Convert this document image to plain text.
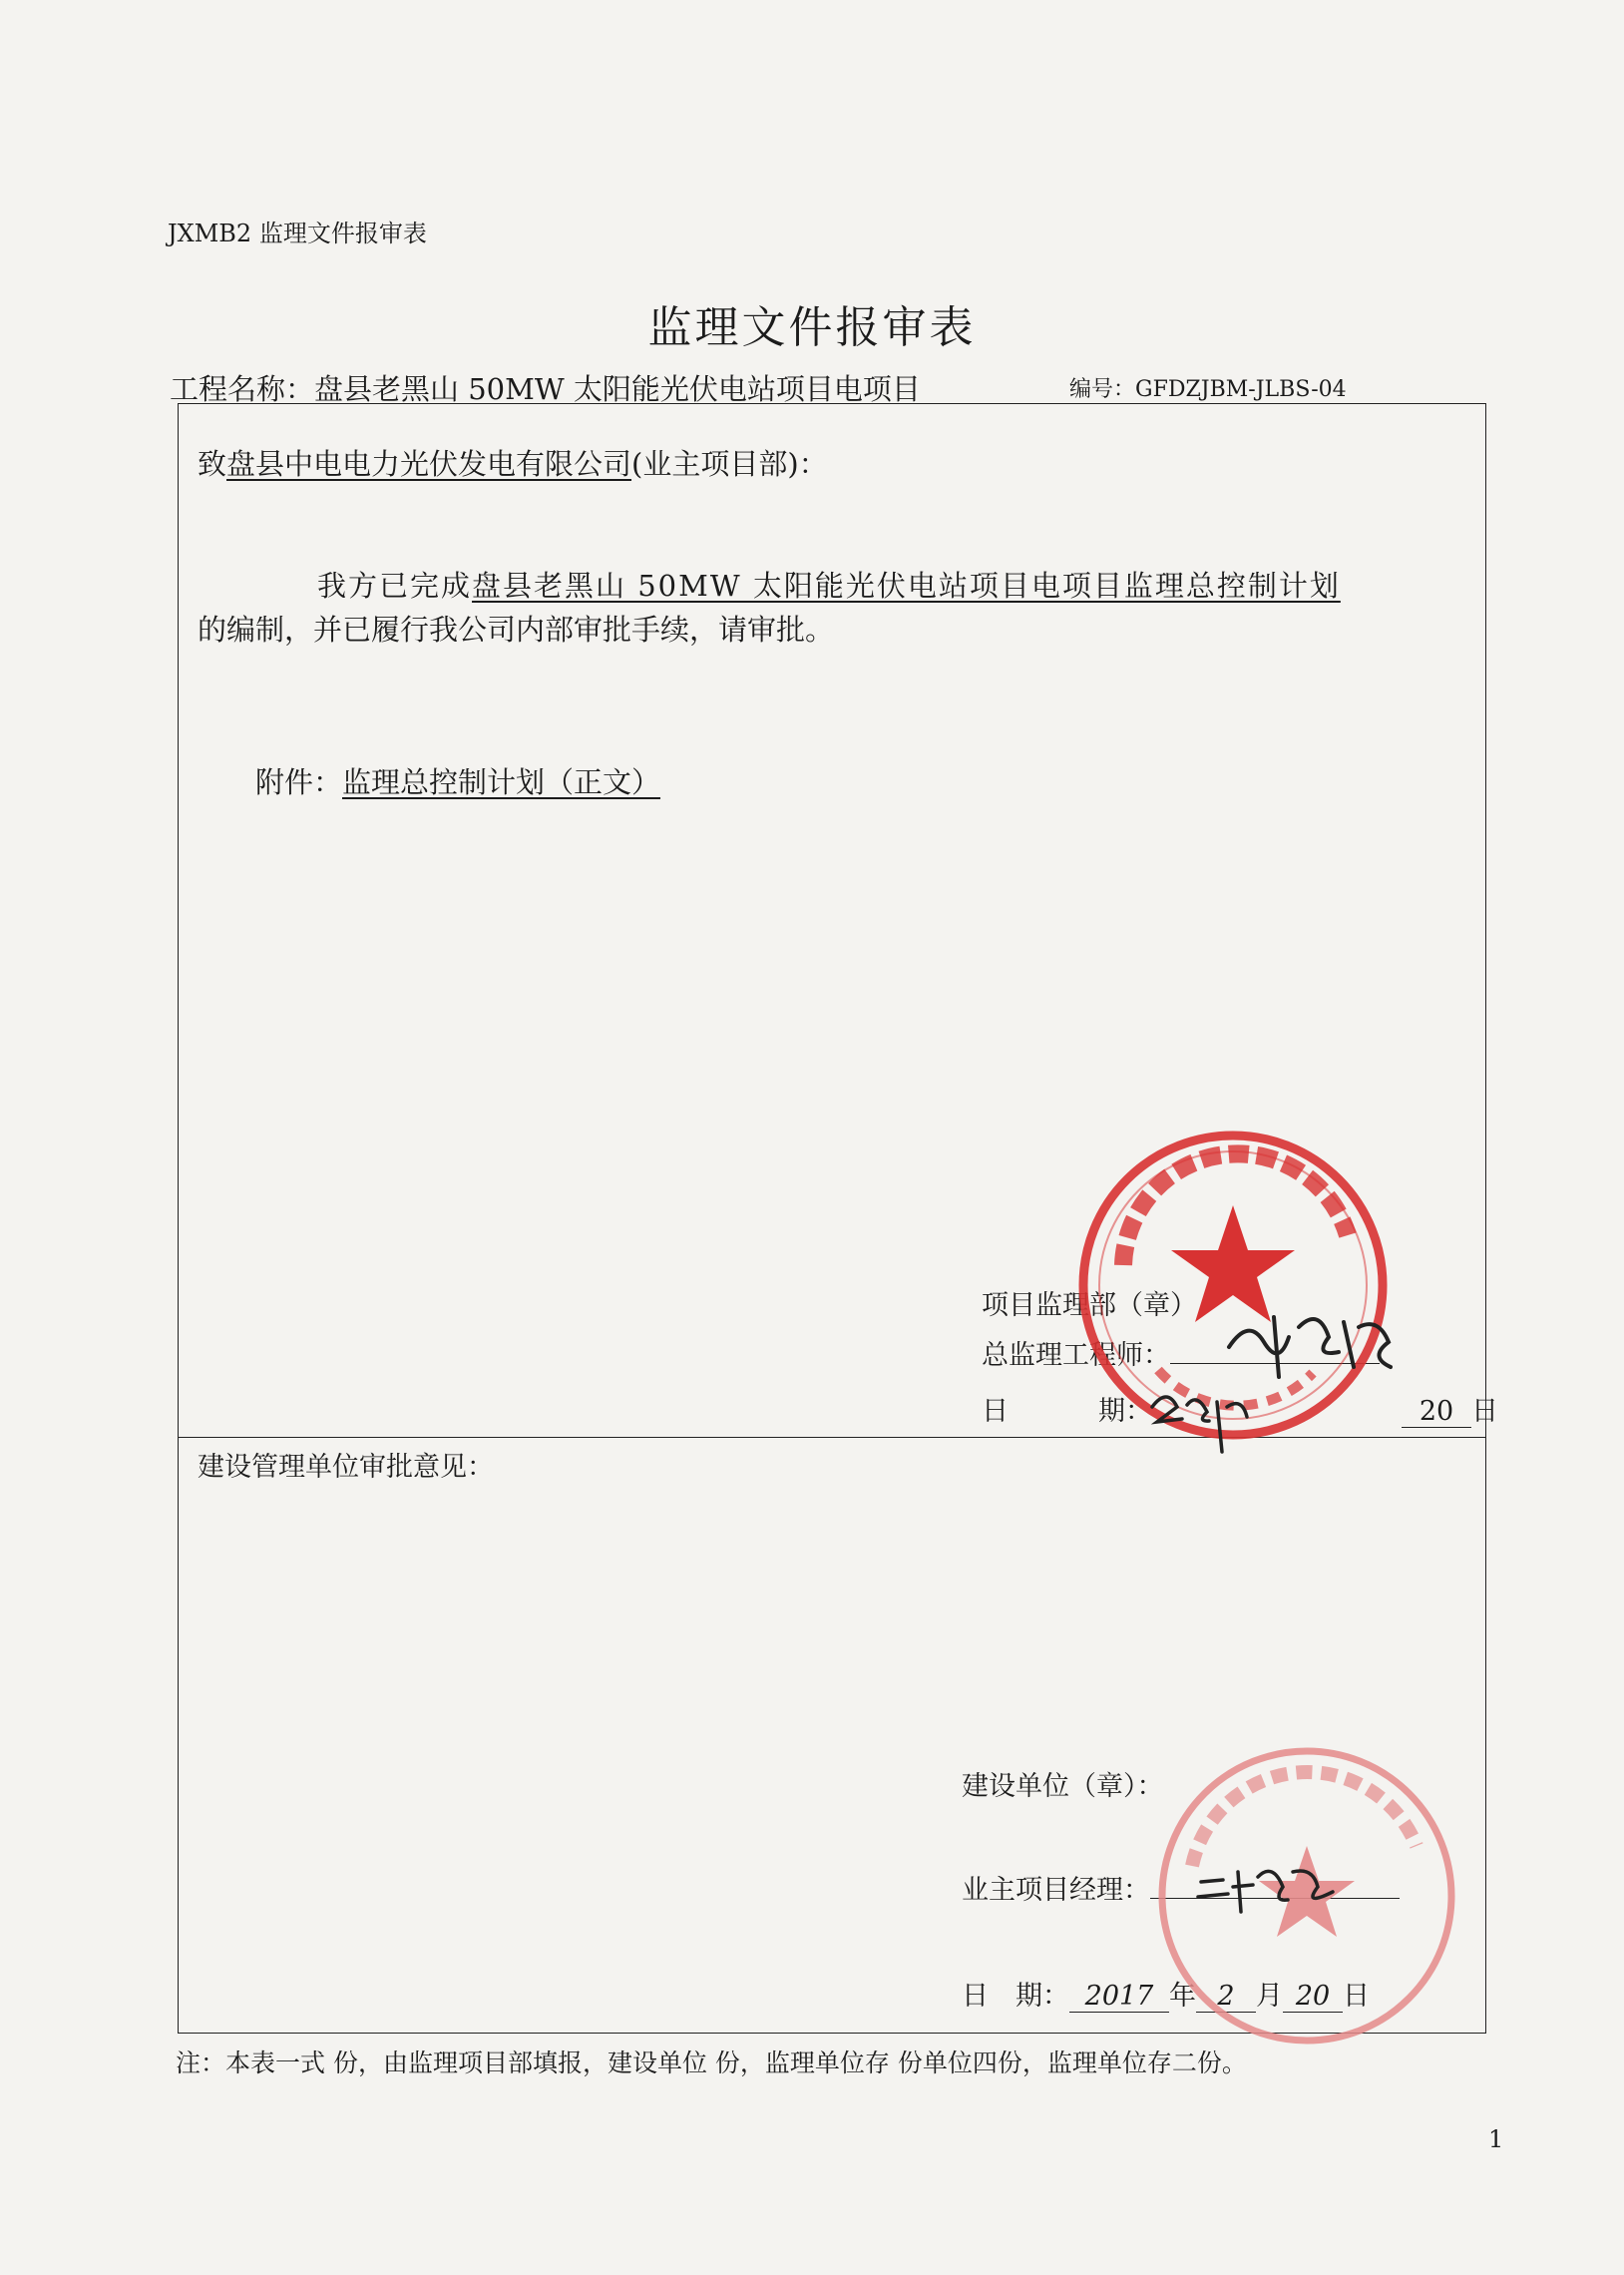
JXMB2 监理文件报审表
监理文件报审表
工程名称：盘县老黑山 50MW 太阳能光伏电站项目电项目	编号：GFDZJBM-JLBS-04
致盘县中电电力光伏发电有限公司(业主项目部)：
我方已完成盘县老黑山 50MW 太阳能光伏电站项目电项目监理总控制计划
的编制，并已履行我公司内部审批手续，请审批。
附件：监理总控制计划（正文）
项目监理部（章）
总监理工程师：
日	期：	20 日
建设管理单位审批意见：
建设单位（章）：
业主项目经理：
日　期： 2017 年 2 月 20 日
注：本表一式 份，由监理项目部填报，建设单位 份，监理单位存 份单位四份，监理单位存二份。
1
